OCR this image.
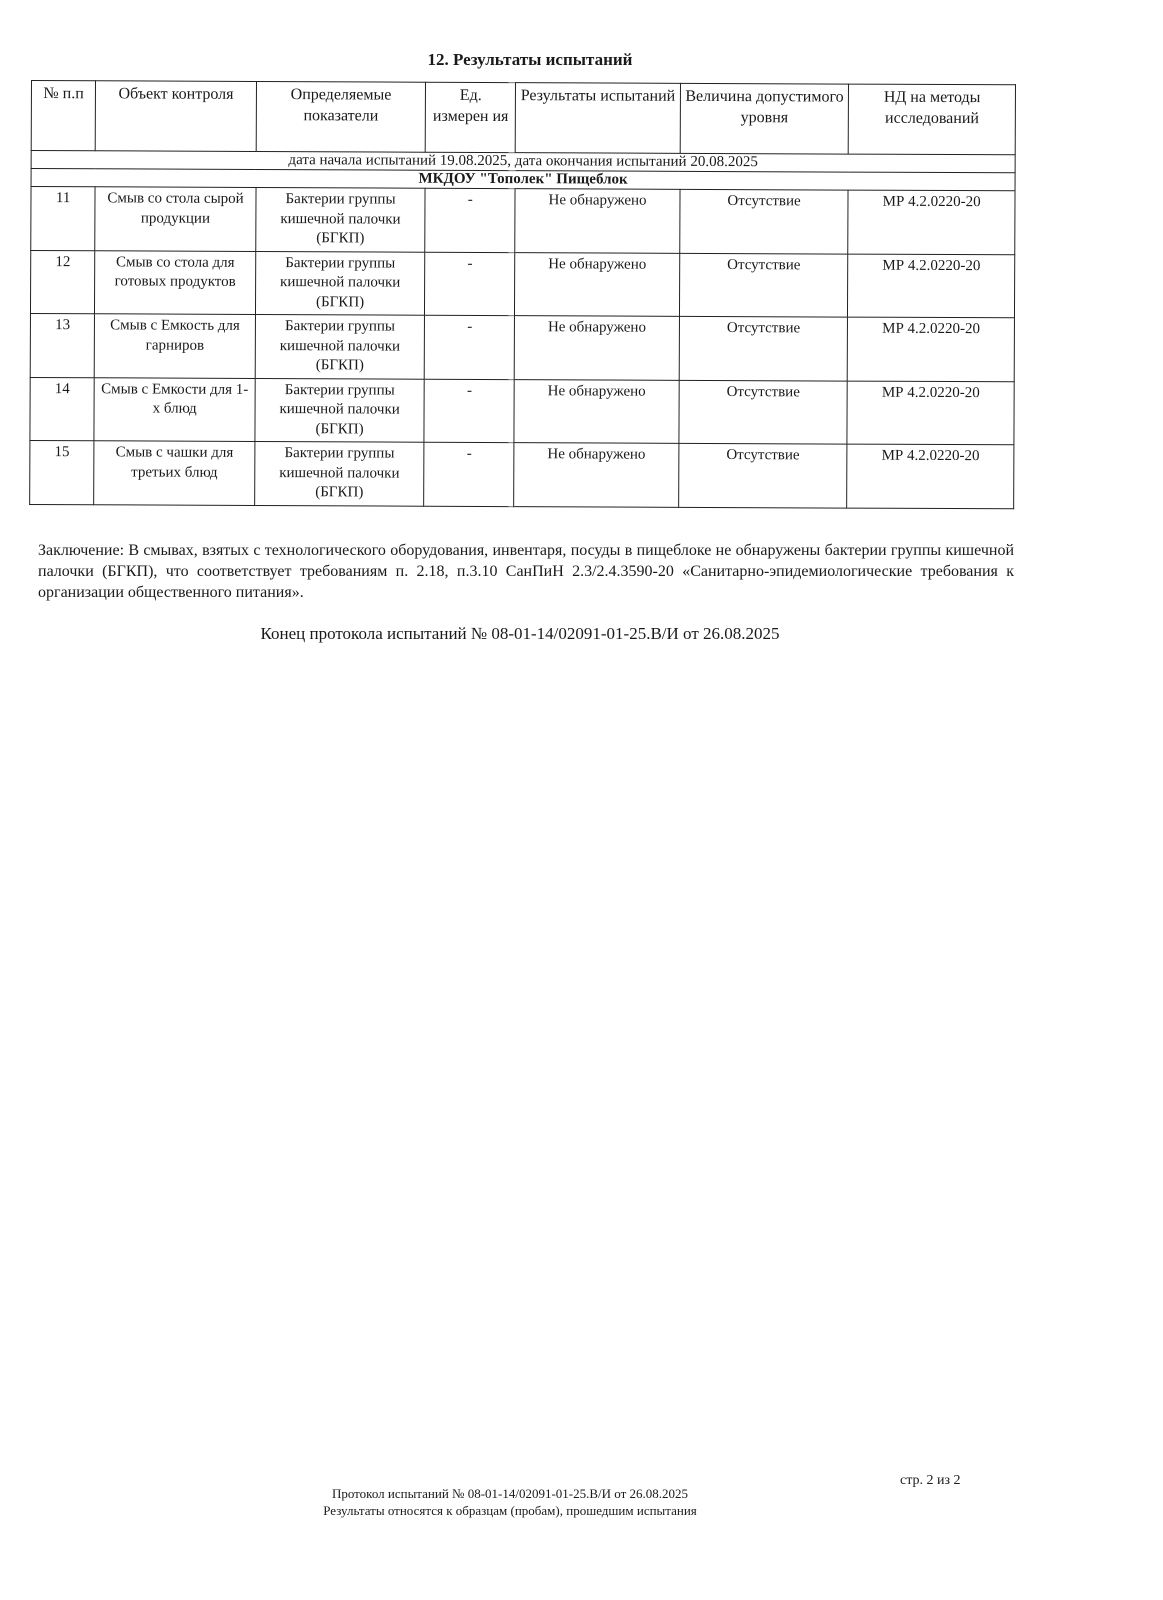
12. Результаты испытаний
№ п.п	Объект контроля	Определяемые показатели	Ед. измерен ия	Результаты испытаний	Величина допустимого уровня	НД на методы исследований
дата начала испытаний 19.08.2025, дата окончания испытаний 20.08.2025						
МКДОУ "Тополек" Пищеблок						
11	Смыв со стола сырой продукции	Бактерии группы кишечной палочки (БГКП)	-	Не обнаружено	Отсутствие	МР 4.2.0220-20
12	Смыв со стола для готовых продуктов	Бактерии группы кишечной палочки (БГКП)	-	Не обнаружено	Отсутствие	МР 4.2.0220-20
13	Смыв с Емкость для гарниров	Бактерии группы кишечной палочки (БГКП)	-	Не обнаружено	Отсутствие	МР 4.2.0220-20
14	Смыв с Емкости для 1-х блюд	Бактерии группы кишечной палочки (БГКП)	-	Не обнаружено	Отсутствие	МР 4.2.0220-20
15	Смыв с чашки для третьих блюд	Бактерии группы кишечной палочки (БГКП)	-	Не обнаружено	Отсутствие	МР 4.2.0220-20

Заключение: В смывах, взятых с технологического оборудования, инвентаря, посуды в пищеблоке не обнаружены бактерии группы кишечной палочки (БГКП), что соответствует требованиям п. 2.18, п.3.10 СанПиН 2.3/2.4.3590-20 «Санитарно-эпидемиологические требования к организации общественного питания».

Конец протокола испытаний № 08-01-14/02091-01-25.В/И от 26.08.2025
Протокол испытаний № 08-01-14/02091-01-25.В/И от 26.08.2025
Результаты относятся к образцам (пробам), прошедшим испытания
стр. 2 из 2
